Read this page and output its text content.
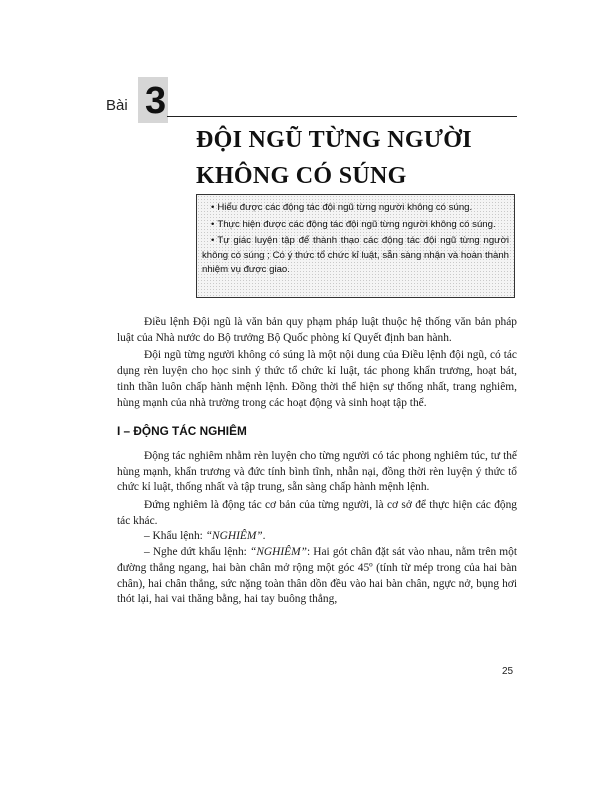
Bài 3
ĐỘI NGŨ TỪNG NGƯỜI
KHÔNG CÓ SÚNG

• Hiểu được các động tác đội ngũ từng người không có súng.

• Thực hiện được các động tác đội ngũ từng người không có súng.

• Tự giác luyện tập để thành thạo các động tác đội ngũ từng người không có súng ; Có ý thức tổ chức kỉ luật, sẵn sàng nhận và hoàn thành nhiệm vụ được giao.

Điều lệnh Đội ngũ là văn bản quy phạm pháp luật thuộc hệ thống văn bản pháp luật của Nhà nước do Bộ trưởng Bộ Quốc phòng kí Quyết định ban hành.

Đội ngũ từng người không có súng là một nội dung của Điều lệnh đội ngũ, có tác dụng rèn luyện cho học sinh ý thức tổ chức kỉ luật, tác phong khẩn trương, hoạt bát, tinh thần luôn chấp hành mệnh lệnh. Đồng thời thể hiện sự thống nhất, trang nghiêm, hùng mạnh của nhà trường trong các hoạt động và sinh hoạt tập thể.

I – ĐỘNG TÁC NGHIÊM

Động tác nghiêm nhằm rèn luyện cho từng người có tác phong nghiêm túc, tư thế hùng mạnh, khẩn trương và đức tính bình tĩnh, nhẫn nại, đồng thời rèn luyện ý thức tổ chức kỉ luật, thống nhất và tập trung, sẵn sàng chấp hành mệnh lệnh.

Đứng nghiêm là động tác cơ bản của từng người, là cơ sở để thực hiện các động tác khác.

– Khẩu lệnh: “NGHIÊM”.

– Nghe dứt khẩu lệnh: “NGHIÊM”: Hai gót chân đặt sát vào nhau, nằm trên một đường thẳng ngang, hai bàn chân mở rộng một góc 45º (tính từ mép trong của hai bàn chân), hai chân thẳng, sức nặng toàn thân dồn đều vào hai bàn chân, ngực nở, bụng hơi thót lại, hai vai thăng bằng, hai tay buông thẳng,

25
